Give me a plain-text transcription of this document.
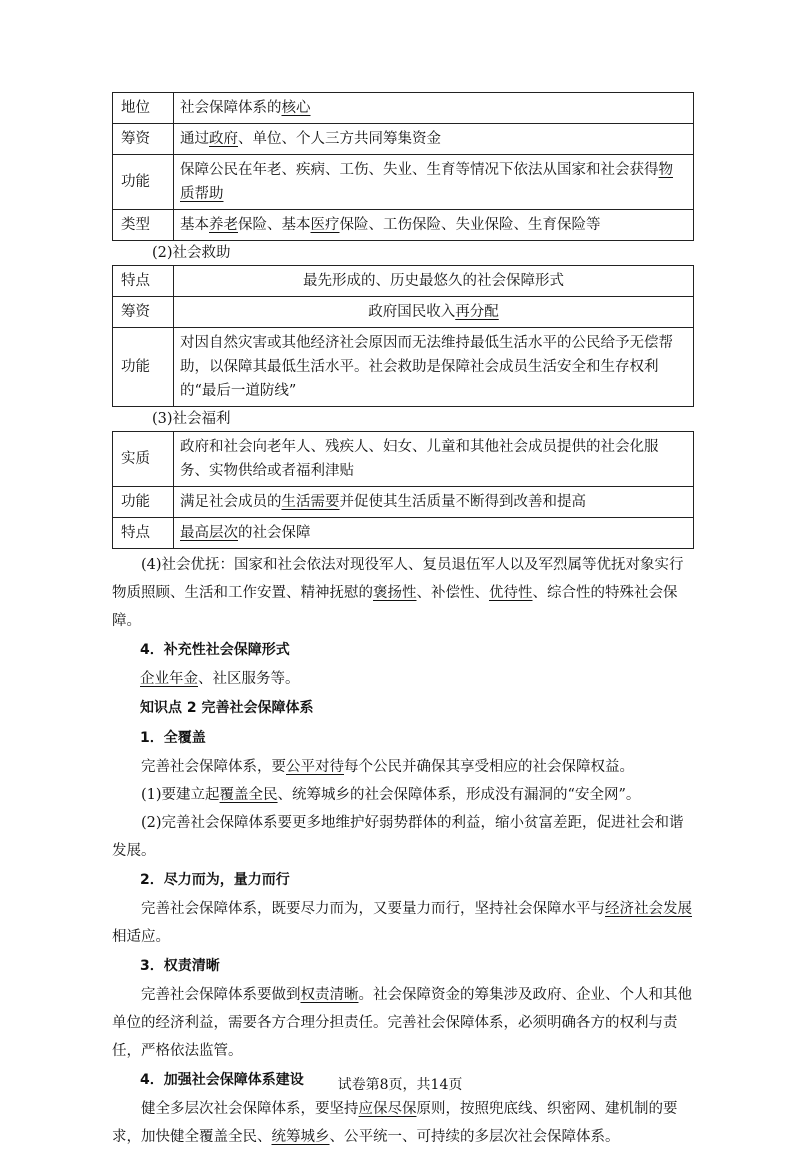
地位	社会保障体系的核心
筹资	通过政府、单位、个人三方共同筹集资金
功能	保障公民在年老、疾病、工伤、失业、生育等情况下依法从国家和社会获得物质帮助
类型	基本养老保险、基本医疗保险、工伤保险、失业保险、生育保险等

(2)社会救助

特点	最先形成的、历史最悠久的社会保障形式
筹资	政府国民收入再分配
功能	对因自然灾害或其他经济社会原因而无法维持最低生活水平的公民给予无偿帮助，以保障其最低生活水平。社会救助是保障社会成员生活安全和生存权利的“最后一道防线”

(3)社会福利

实质	政府和社会向老年人、残疾人、妇女、儿童和其他社会成员提供的社会化服务、实物供给或者福利津贴
功能	满足社会成员的生活需要并促使其生活质量不断得到改善和提高
特点	最高层次的社会保障

(4)社会优抚：国家和社会依法对现役军人、复员退伍军人以及军烈属等优抚对象实行物质照顾、生活和工作安置、精神抚慰的褒扬性、补偿性、优待性、综合性的特殊社会保障。

4．补充性社会保障形式

企业年金、社区服务等。

知识点 2 完善社会保障体系

1．全覆盖

完善社会保障体系，要公平对待每个公民并确保其享受相应的社会保障权益。

(1)要建立起覆盖全民、统筹城乡的社会保障体系，形成没有漏洞的“安全网”。

(2)完善社会保障体系要更多地维护好弱势群体的利益，缩小贫富差距，促进社会和谐发展。

2．尽力而为，量力而行

完善社会保障体系，既要尽力而为，又要量力而行，坚持社会保障水平与经济社会发展相适应。

3．权责清晰

完善社会保障体系要做到权责清晰。社会保障资金的筹集涉及政府、企业、个人和其他单位的经济利益，需要各方合理分担责任。完善社会保障体系，必须明确各方的权利与责任，严格依法监管。

4．加强社会保障体系建设

健全多层次社会保障体系，要坚持应保尽保原则，按照兜底线、织密网、建机制的要求，加快健全覆盖全民、统筹城乡、公平统一、可持续的多层次社会保障体系。

试卷第8页，共14页
